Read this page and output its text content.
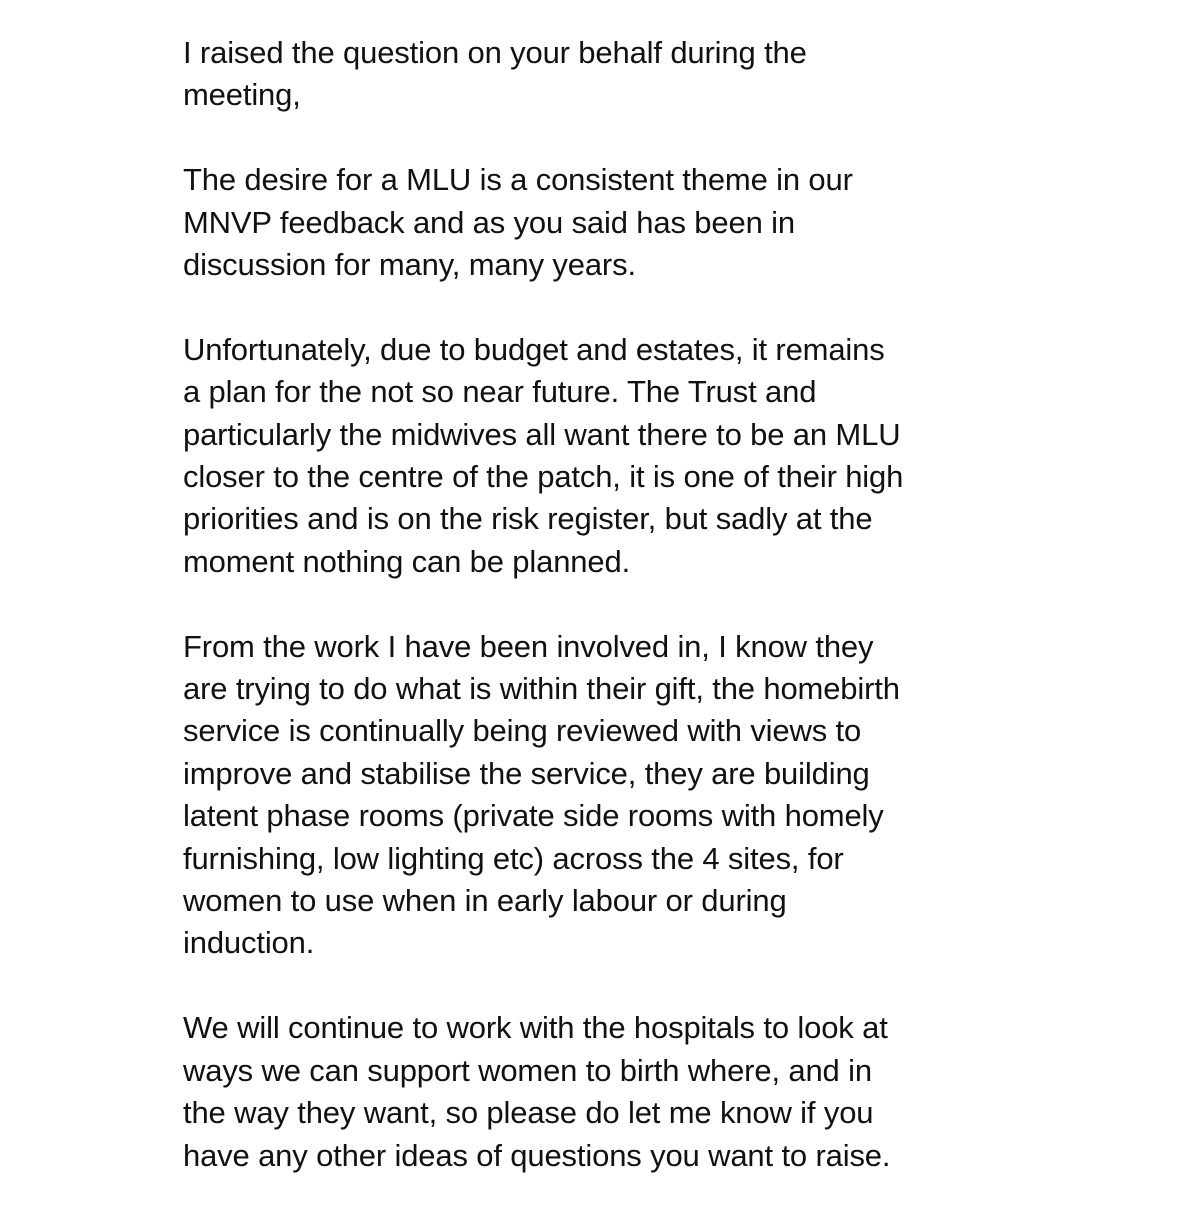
I raised the question on your behalf during the
meeting,

The desire for a MLU is a consistent theme in our
MNVP feedback and as you said has been in
discussion for many, many years.

Unfortunately, due to budget and estates, it remains
a plan for the not so near future. The Trust and
particularly the midwives all want there to be an MLU
closer to the centre of the patch, it is one of their high
priorities and is on the risk register, but sadly at the
moment nothing can be planned.

From the work I have been involved in, I know they
are trying to do what is within their gift, the homebirth
service is continually being reviewed with views to
improve and stabilise the service, they are building
latent phase rooms (private side rooms with homely
furnishing, low lighting etc) across the 4 sites, for
women to use when in early labour or during
induction.

We will continue to work with the hospitals to look at
ways we can support women to birth where, and in
the way they want, so please do let me know if you
have any other ideas of questions you want to raise.
